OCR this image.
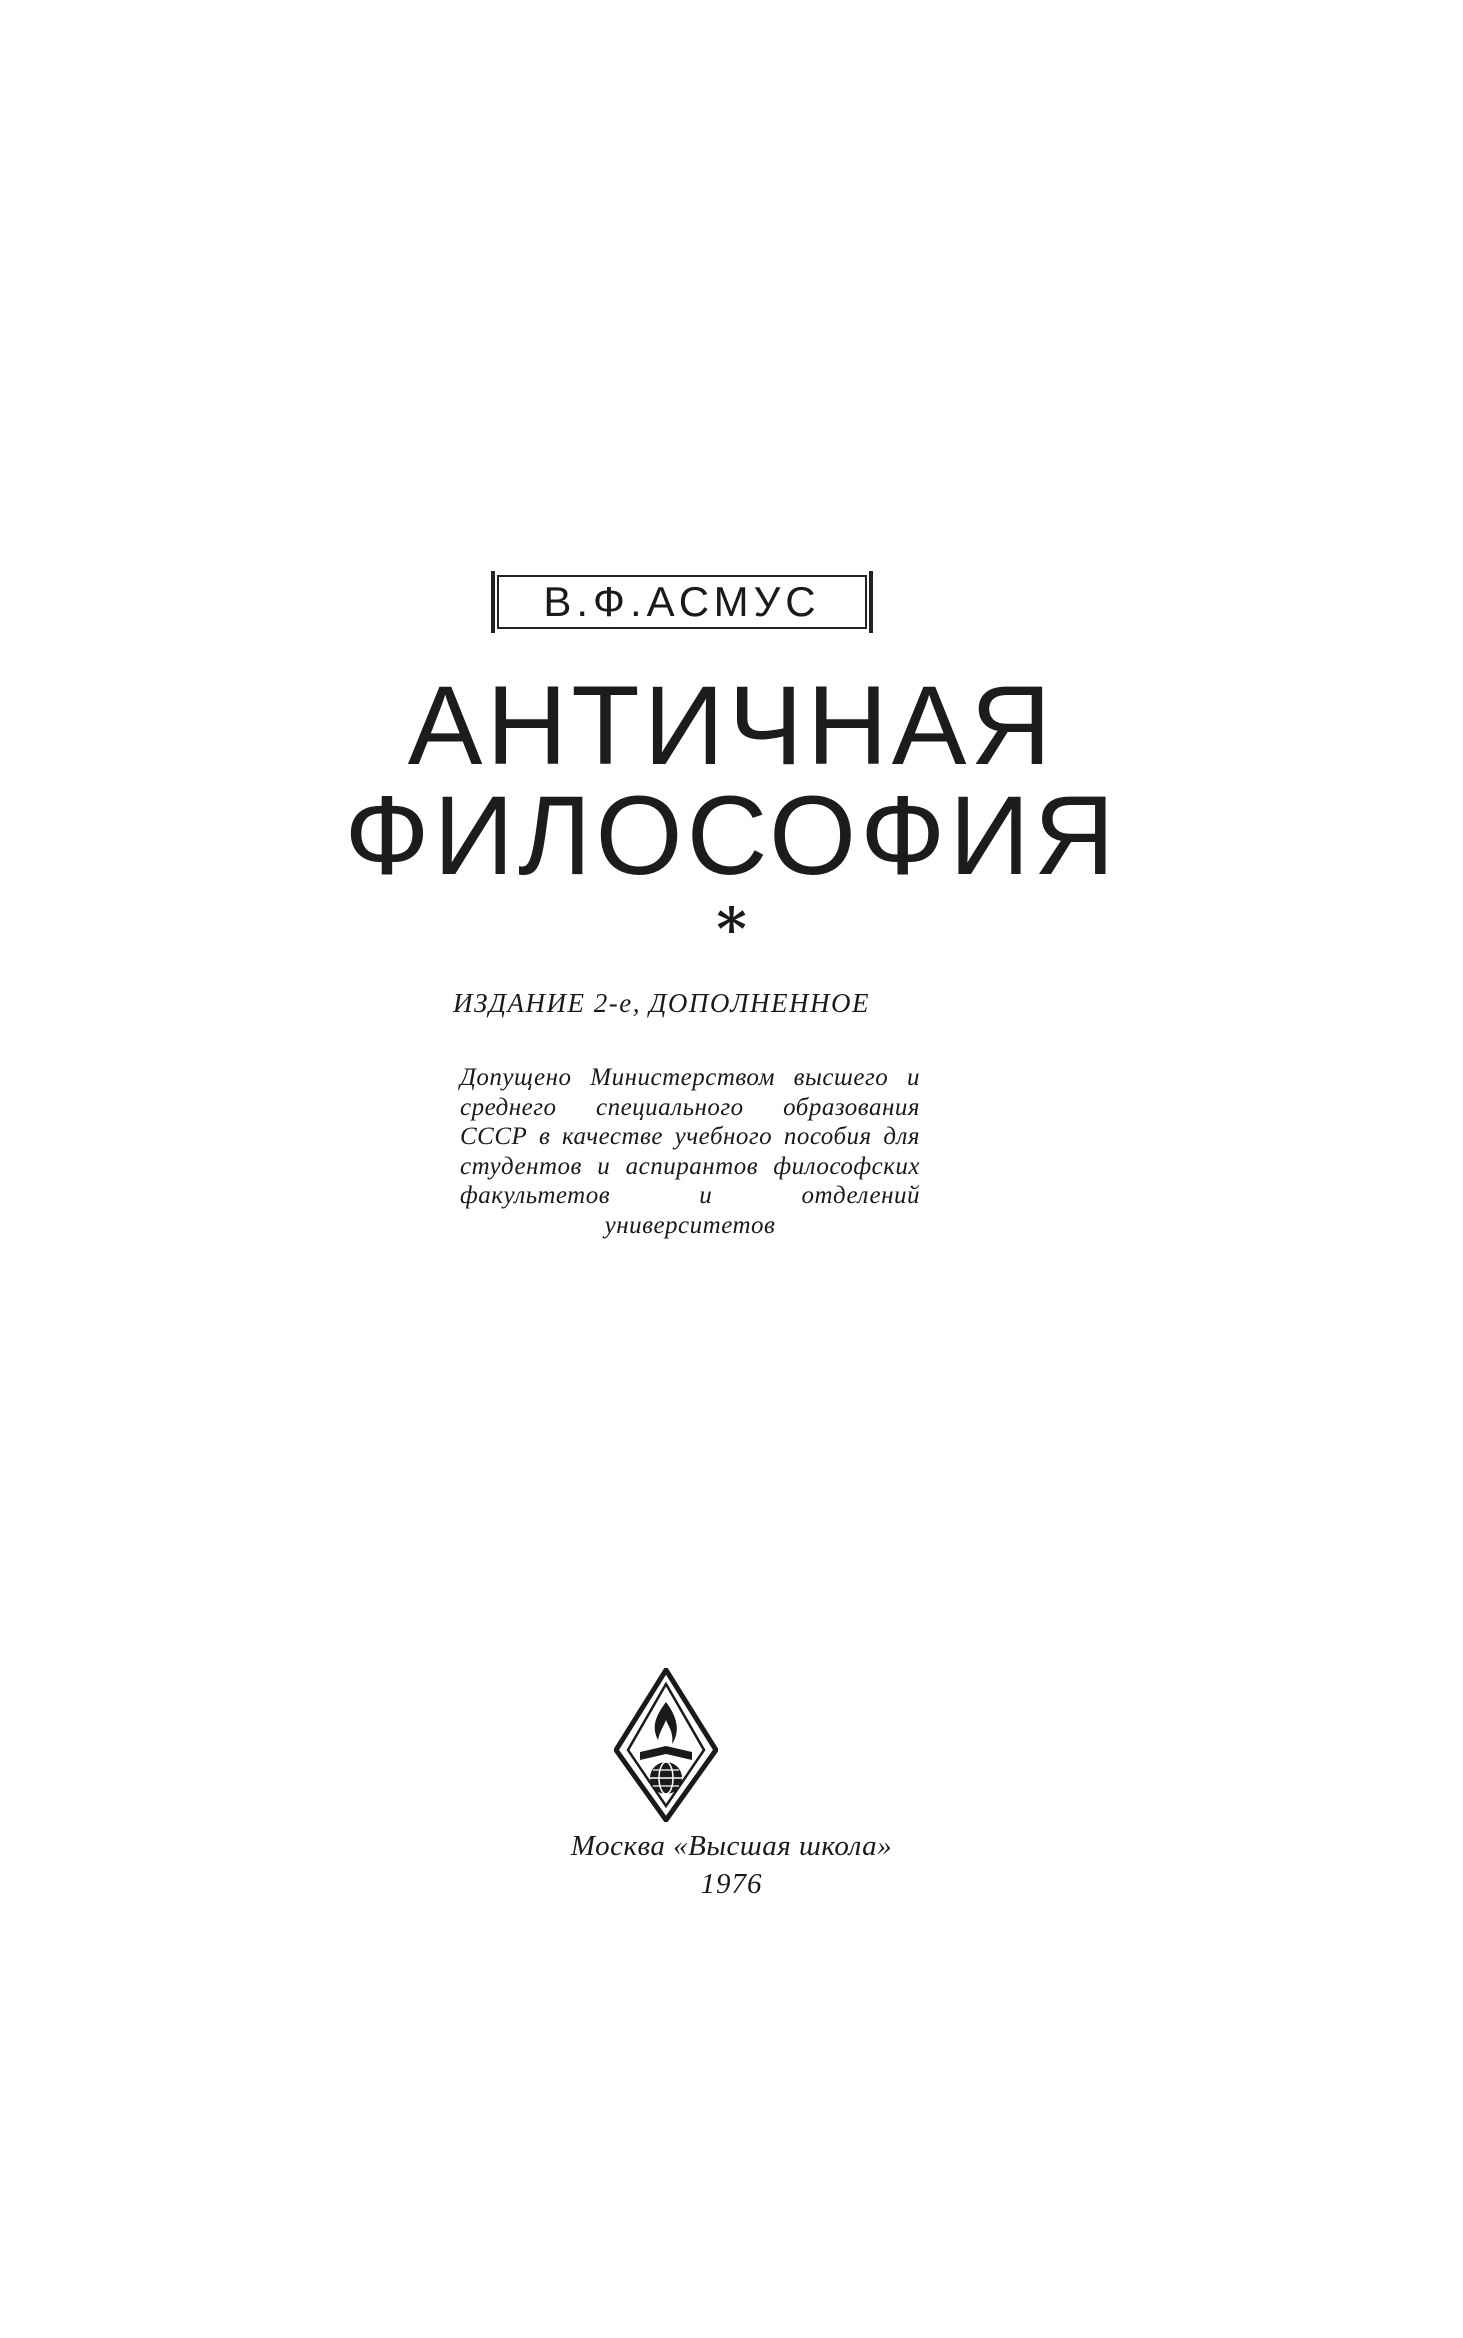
В.Ф.АСМУС
АНТИЧНАЯ
ФИЛОСОФИЯ
*
ИЗДАНИЕ 2-е, ДОПОЛНЕННОЕ
Допущено Министерством высшего и среднего специального образования СССР в качестве учебного пособия для студентов и аспирантов философских факультетов и отделений университетов
Москва «Высшая школа»
1976
